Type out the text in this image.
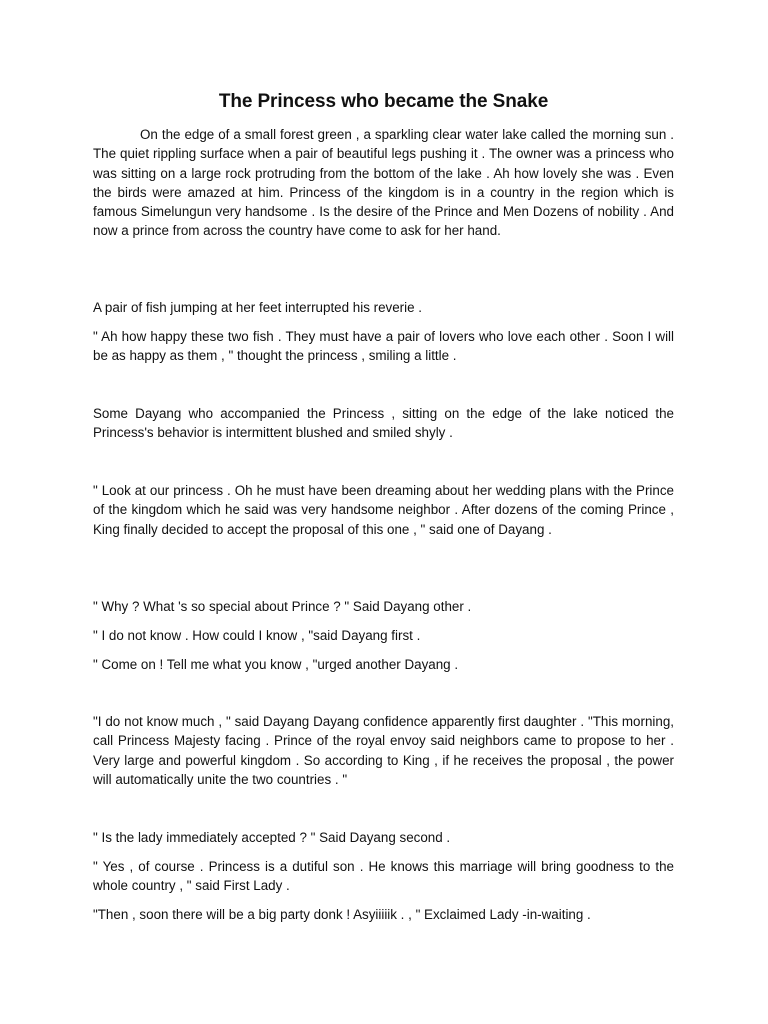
The Princess who became the Snake
On the edge of a small forest green , a sparkling clear water lake called the morning sun . The quiet rippling surface when a pair of beautiful legs pushing it . The owner was a princess who was sitting on a large rock protruding from the bottom of the lake . Ah how lovely she was . Even the birds were amazed at him. Princess of the kingdom is in a country in the region which is famous Simelungun very handsome . Is the desire of the Prince and Men Dozens of nobility . And now a prince from across the country have come to ask for her hand.
A pair of fish jumping at her feet interrupted his reverie .
" Ah how happy these two fish . They must have a pair of lovers who love each other . Soon I will be as happy as them , " thought the princess , smiling a little .
Some Dayang who accompanied the Princess , sitting on the edge of the lake noticed the Princess's behavior is intermittent blushed and smiled shyly .
" Look at our princess . Oh he must have been dreaming about her wedding plans with the Prince of the kingdom which he said was very handsome neighbor . After dozens of the coming Prince , King finally decided to accept the proposal of this one , " said one of Dayang .
" Why ? What 's so special about Prince ? " Said Dayang other .
" I do not know . How could I know , "said Dayang first .
" Come on ! Tell me what you know , "urged another Dayang .
"I do not know much , " said Dayang Dayang confidence apparently first daughter . "This morning, call Princess Majesty facing . Prince of the royal envoy said neighbors came to propose to her . Very large and powerful kingdom . So according to King , if he receives the proposal , the power will automatically unite the two countries . "
" Is the lady immediately accepted ? " Said Dayang second .
" Yes , of course . Princess is a dutiful son . He knows this marriage will bring goodness to the whole country , " said First Lady .
"Then , soon there will be a big party donk ! Asyiiiiik . , " Exclaimed Lady -in-waiting .
